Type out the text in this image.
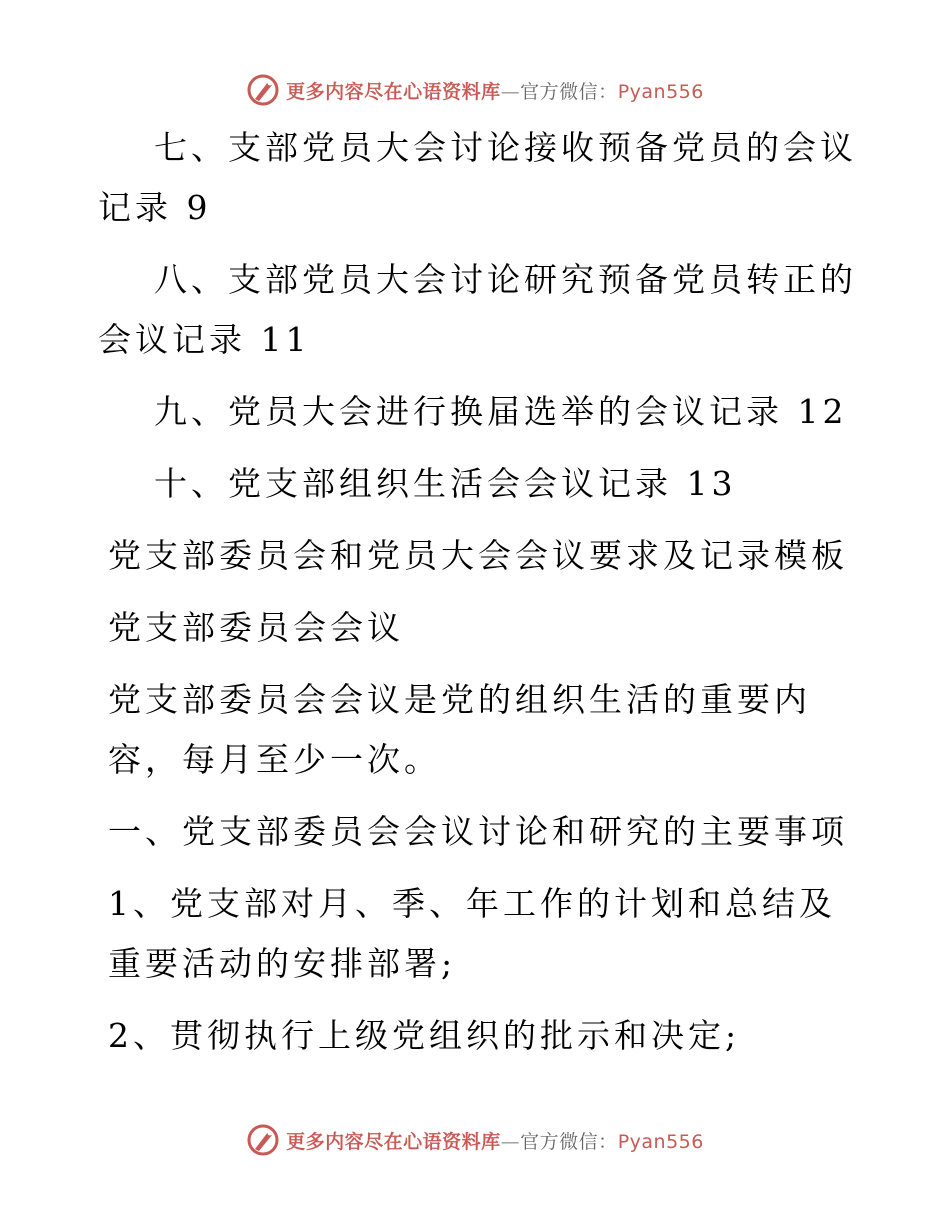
更多内容尽在心语资料库—官方微信：Pyan556

七、支部党员大会讨论接收预备党员的会议记录 9

八、支部党员大会讨论研究预备党员转正的会议记录 11

九、党员大会进行换届选举的会议记录 12

十、党支部组织生活会会议记录 13

党支部委员会和党员大会会议要求及记录模板

党支部委员会会议

党支部委员会会议是党的组织生活的重要内容，每月至少一次。

一、党支部委员会会议讨论和研究的主要事项

1、党支部对月、季、年工作的计划和总结及重要活动的安排部署;

2、贯彻执行上级党组织的批示和决定;

更多内容尽在心语资料库—官方微信：Pyan556
